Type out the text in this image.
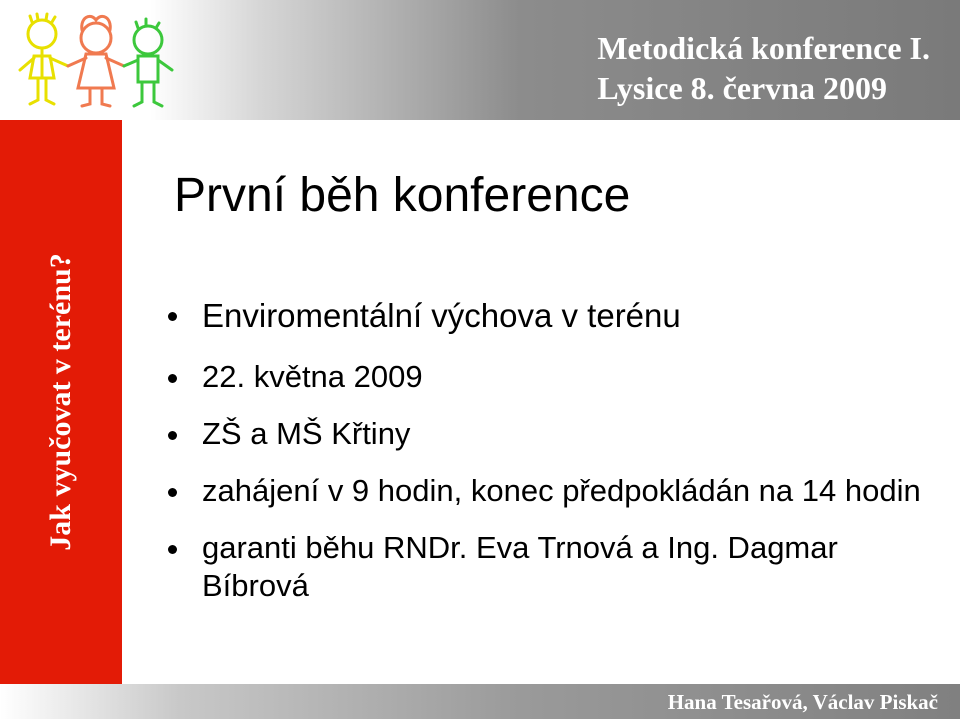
Metodická konference I.
Lysice 8. června 2009
Jak vyučovat v terénu?
První běh konference
Enviromentální výchova v terénu
22. května 2009
ZŠ a MŠ Křtiny
zahájení v 9 hodin, konec předpokládán na 14 hodin
garanti běhu RNDr. Eva Trnová a Ing. Dagmar Bíbrová
Hana Tesařová, Václav Piskač
